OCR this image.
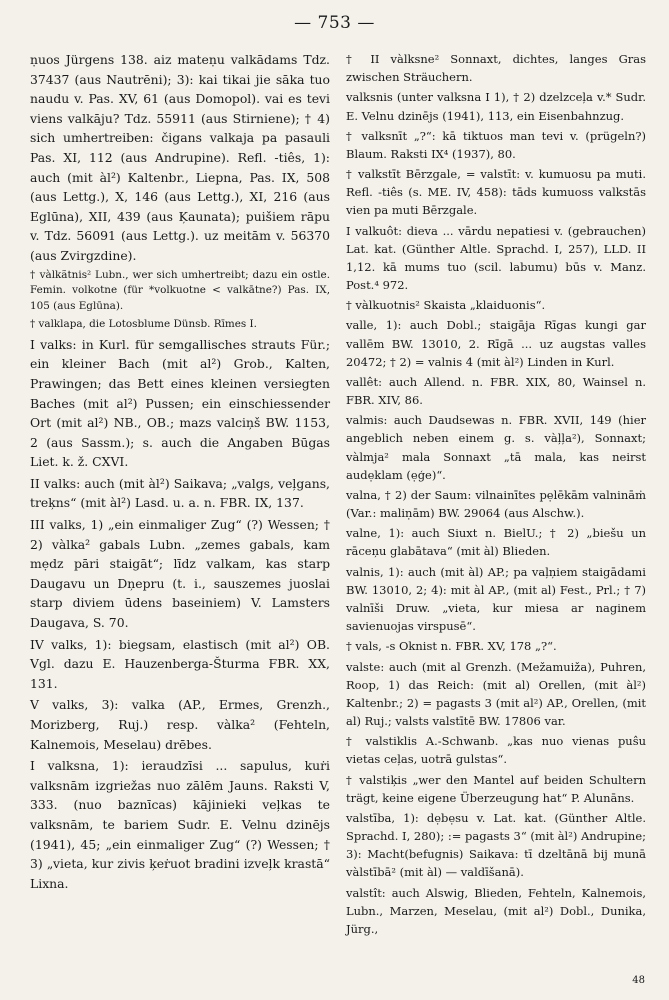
— 753 —

ṇuos Jürgens 138. aiz mateṇu valkādams Tdz. 37437 (aus Nautrēni); 3): kai tikai jie sāka tuo naudu v. Pas. XV, 61 (aus Domopol). vai es tevi viens valkāju? Tdz. 55911 (aus Stirniene); † 4) sich umhertreiben: čigans valkaja pa pasauli Pas. XI, 112 (aus Andrupine). Refl. -tiês, 1): auch (mit àl²) Kaltenbr., Liepna, Pas. IX, 508 (aus Lettg.), X, 146 (aus Lettg.), XI, 216 (aus Eglūna), XII, 439 (aus Ķaunata); puišiem rāpu v. Tdz. 56091 (aus Lettg.). uz meitām v. 56370 (aus Zvirgzdine).

† vàlkãtnis² Lubn., wer sich umhertreibt; dazu ein ostle. Femin. volkotne (für *volkuotne < valkātne?) Pas. IX, 105 (aus Eglūna).

† valklapa, die Lotosblume Dünsb. Rīmes I.

I valks: in Kurl. für semgallisches strauts Für.; ein kleiner Bach (mit al²) Grob., Kalten, Prawingen; das Bett eines kleinen versiegten Baches (mit al²) Pussen; ein einschiessender Ort (mit al²) NB., OB.; mazs valciņš BW. 1153, 2 (aus Sassm.); s. auch die Angaben Būgas Liet. k. ž. CXVI.

II valks: auch (mit àl²) Saikava; „valgs, veļgans, treķns“ (mit àl²) Lasd. u. a. n. FBR. IX, 137.

III valks, 1) „ein einmaliger Zug“ (?) Wessen; † 2) vàlka² gabals Lubn. „zemes gabals, kam mẹdz pāri staigāt“; līdz valkam, kas starp Daugavu un Dņepru (t. i., sauszemes juoslai starp diviem ūdens baseiniem) V. Lamsters Daugava, S. 70.

IV valks, 1): biegsam, elastisch (mit al²) OB. Vgl. dazu E. Hauzenberga-Šturma FBR. XX, 131.

V valks, 3): valka (AP., Ermes, Grenzh., Morizberg, Ruj.) resp. vàlka² (Fehteln, Kalnemois, Meselau) drēbes.

I valksna, 1): ieraudzīsi ... sapulus, kuṙi valksnām izgriežas nuo zālēm Jauns. Raksti V, 333. (nuo baznīcas) kājinieki veļkas te valksnām, te bariem Sudr. E. Velnu dzinējs (1941), 45; „ein einmaliger Zug“ (?) Wessen; † 3) „vieta, kur zivis ķeṙuot bradini izveļk krastā“ Lixna.

† II vàlksne² Sonnaxt, dichtes, langes Gras zwischen Sträuchern.

valksnis (unter valksna I 1), † 2) dzelzceļa v.* Sudr. E. Velnu dzinējs (1941), 113, ein Eisenbahnzug.

† valksnīt „?“: kā tiktuos man tevi v. (prügeln?) Blaum. Raksti IX⁴ (1937), 80.

† valkstīt Bērzgale, = valstīt: v. kumuosu pa muti. Refl. -tiês (s. ME. IV, 458): tāds kumuoss valkstās vien pa muti Bērzgale.

I valkuôt: dieva ... vārdu nepatiesi v. (gebrauchen) Lat. kat. (Günther Altle. Sprachd. I, 257), LLD. II 1,12. kā mums tuo (scil. labumu) būs v. Manz. Post.⁴ 972.

† vàlkuotnis² Skaista „klaiduonis“.

valle, 1): auch Dobl.; staigāja Rīgas kungi gar vallēm BW. 13010, 2. Rīgā ... uz augstas valles 20472; † 2) = valnis 4 (mit àl²) Linden in Kurl.

vallêt: auch Allend. n. FBR. XIX, 80, Wainsel n. FBR. XIV, 86.

valmis: auch Daudsewas n. FBR. XVII, 149 (hier angeblich neben einem g. s. vàļļa²), Sonnaxt; vàlmja² mala Sonnaxt „tā mala, kas neirst audẹklam (ẹģe)“.

valna, † 2) der Saum: vilnainītes pẹlēkām valnināṁ (Var.: maliṇām) BW. 29064 (aus Alschw.).

valne, 1): auch Siuxt n. BielU.; † 2) „biešu un rāceņu glabātava“ (mit àl) Blieden.

valnis, 1): auch (mit àl) AP.; pa vaļņiem staigādami BW. 13010, 2; 4): mit àl AP., (mit al) Fest., Prl.; † 7) valnīši Druw. „vieta, kur miesa ar naginem savienuojas virspusē“.

† vals, -s Oknist n. FBR. XV, 178 „?“.

valste: auch (mit al Grenzh. (Mežamuiža), Puhren, Roop, 1) das Reich: (mit al) Orellen, (mit àl²) Kaltenbr.; 2) = pagasts 3 (mit al²) AP., Orellen, (mit al) Ruj.; valsts valstītē BW. 17806 var.

† valstiklis A.-Schwanb. „kas nuo vienas puŝu vietas ceļas, uotrā gulstas“.

† valstiķis „wer den Mantel auf beiden Schultern trägt, keine eigene Überzeugung hat“ P. Alunāns.

valstība, 1): dẹbẹsu v. Lat. kat. (Günther Altle. Sprachd. I, 280); := pagasts 3“ (mit àl²) Andrupine; 3): Macht(befugnis) Saikava: tī dzeltānā bij munā vàlstībā² (mit àl) — valdīšanā).

valstît: auch Alswig, Blieden, Fehteln, Kalnemois, Lubn., Marzen, Meselau, (mit al²) Dobl., Dunika, Jürg.,

48
